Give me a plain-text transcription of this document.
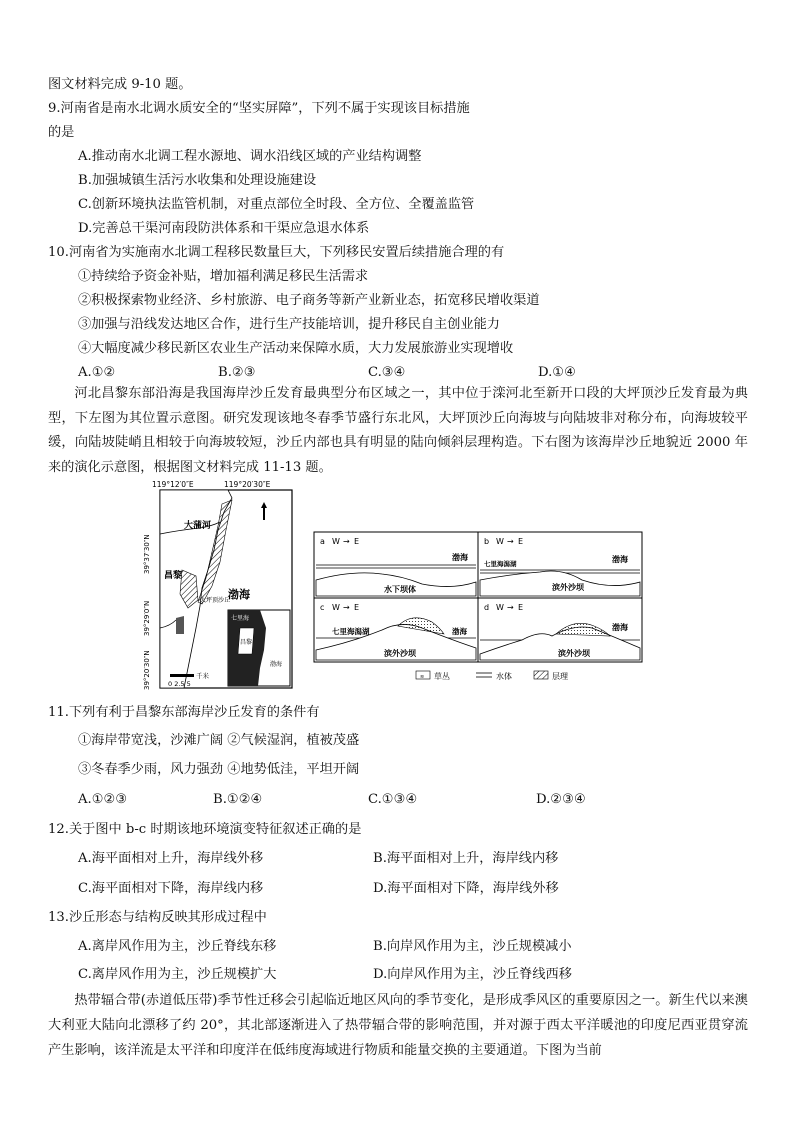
图文材料完成 9-10 题。
9.河南省是南水北调水质安全的“坚实屏障”，下列不属于实现该目标措施
的是
A.推动南水北调工程水源地、调水沿线区域的产业结构调整
B.加强城镇生活污水收集和处理设施建设
C.创新环境执法监管机制，对重点部位全时段、全方位、全覆盖监管
D.完善总干渠河南段防洪体系和干渠应急退水体系
10.河南省为实施南水北调工程移民数量巨大，下列移民安置后续措施合理的有
①持续给予资金补贴，增加福利满足移民生活需求
②积极探索物业经济、乡村旅游、电子商务等新产业新业态，拓宽移民增收渠道
③加强与沿线发达地区合作，进行生产技能培训，提升移民自主创业能力
④大幅度减少移民新区农业生产活动来保障水质，大力发展旅游业实现增收
A.①②	B.②③	C.③④	D.①④
河北昌黎东部沿海是我国海岸沙丘发育最典型分布区域之一，其中位于滦河北至新开口段的大坪顶沙丘发育最为典型，下左图为其位置示意图。研究发现该地冬春季节盛行东北风，大坪顶沙丘向海坡与向陆坡非对称分布，向海坡较平缓，向陆坡陡峭且相较于向海坡较短，沙丘内部也具有明显的陆向倾斜层理构造。下右图为该海岸沙丘地貌近 2000 年来的演化示意图，根据图文材料完成 11-13 题。
119°12′0″E	119°20′30″E
大蒲河
昌黎
渤海
大坪顶沙丘
七里海
昌黎
渤海
39°37′30″N
39°29′0″N
39°20′30″N	0 2.5 5
千米
a W → E
渤海
水下坝体
b W → E
七里海潟湖	渤海
滨外沙坝
c W → E
七里海潟湖	渤海
滨外沙坝
d W → E
渤海
滨外沙坝
≋ 草丛	水体	层理
11.下列有利于昌黎东部海岸沙丘发育的条件有
①海岸带宽浅，沙滩广阔 ②气候湿润，植被茂盛
③冬春季少雨，风力强劲 ④地势低洼，平坦开阔
A.①②③	B.①②④	C.①③④	D.②③④
12.关于图中 b-c 时期该地环境演变特征叙述正确的是
A.海平面相对上升，海岸线外移	B.海平面相对上升，海岸线内移
C.海平面相对下降，海岸线内移	D.海平面相对下降，海岸线外移
13.沙丘形态与结构反映其形成过程中
A.离岸风作用为主，沙丘脊线东移	B.向岸风作用为主，沙丘规模减小
C.离岸风作用为主，沙丘规模扩大	D.向岸风作用为主，沙丘脊线西移
热带辐合带(赤道低压带)季节性迁移会引起临近地区风向的季节变化，是形成季风区的重要原因之一。新生代以来澳大利亚大陆向北漂移了约 20°，其北部逐渐进入了热带辐合带的影响范围，并对源于西太平洋暖池的印度尼西亚贯穿流产生影响，该洋流是太平洋和印度洋在低纬度海域进行物质和能量交换的主要通道。下图为当前
